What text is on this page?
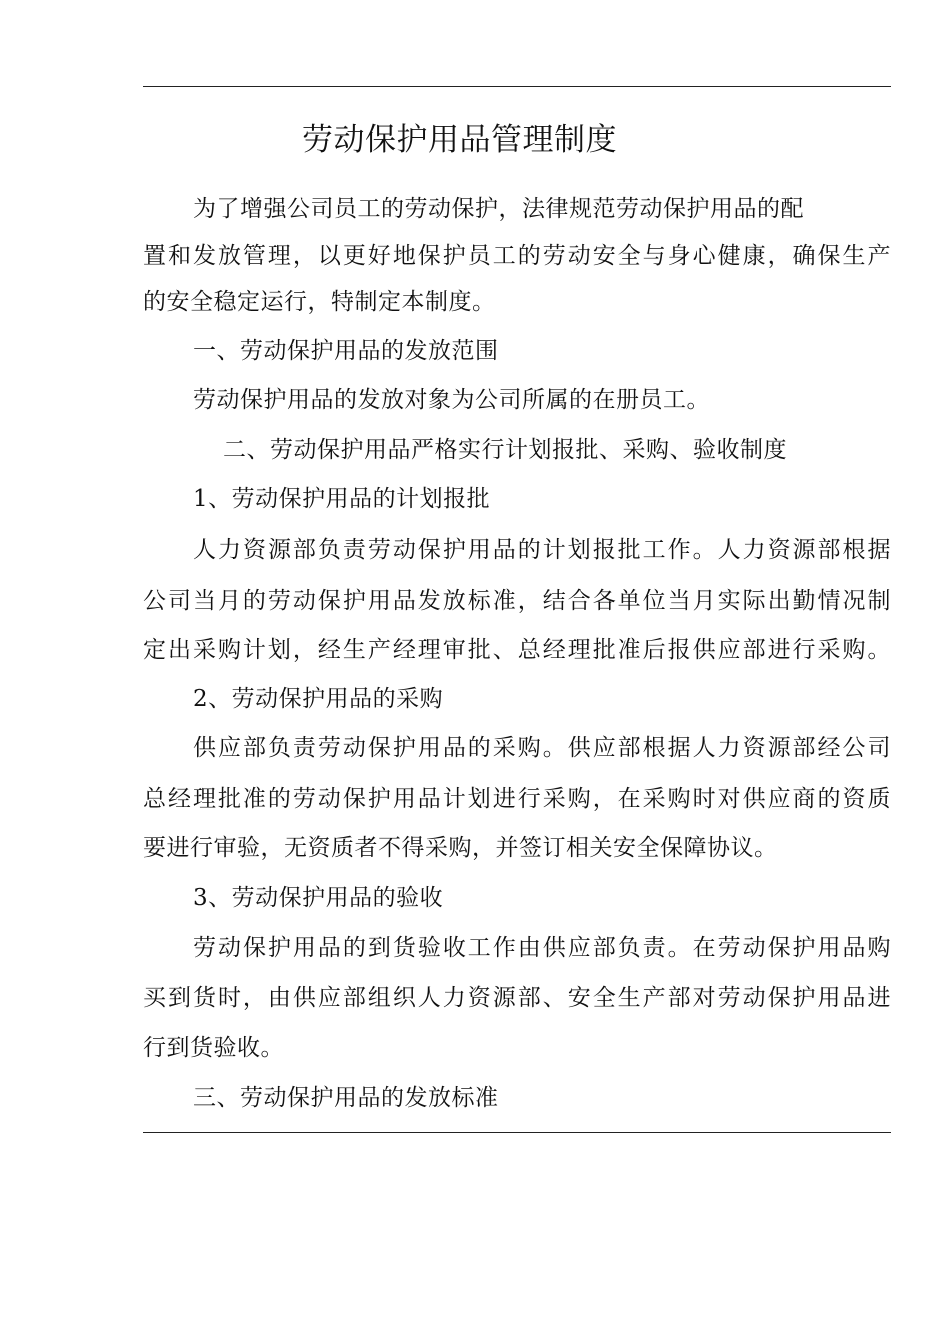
劳动保护用品管理制度
为了增强公司员工的劳动保护，法律规范劳动保护用品的配
置和发放管理，以更好地保护员工的劳动安全与身心健康，确保生产
的安全稳定运行，特制定本制度。
一、劳动保护用品的发放范围
劳动保护用品的发放对象为公司所属的在册员工。
二、劳动保护用品严格实行计划报批、采购、验收制度
1、劳动保护用品的计划报批
人力资源部负责劳动保护用品的计划报批工作。人力资源部根据
公司当月的劳动保护用品发放标准，结合各单位当月实际出勤情况制
定出采购计划，经生产经理审批、总经理批准后报供应部进行采购。
2、劳动保护用品的采购
供应部负责劳动保护用品的采购。供应部根据人力资源部经公司
总经理批准的劳动保护用品计划进行采购，在采购时对供应商的资质
要进行审验，无资质者不得采购，并签订相关安全保障协议。
3、劳动保护用品的验收
劳动保护用品的到货验收工作由供应部负责。在劳动保护用品购
买到货时，由供应部组织人力资源部、安全生产部对劳动保护用品进
行到货验收。
三、劳动保护用品的发放标准
